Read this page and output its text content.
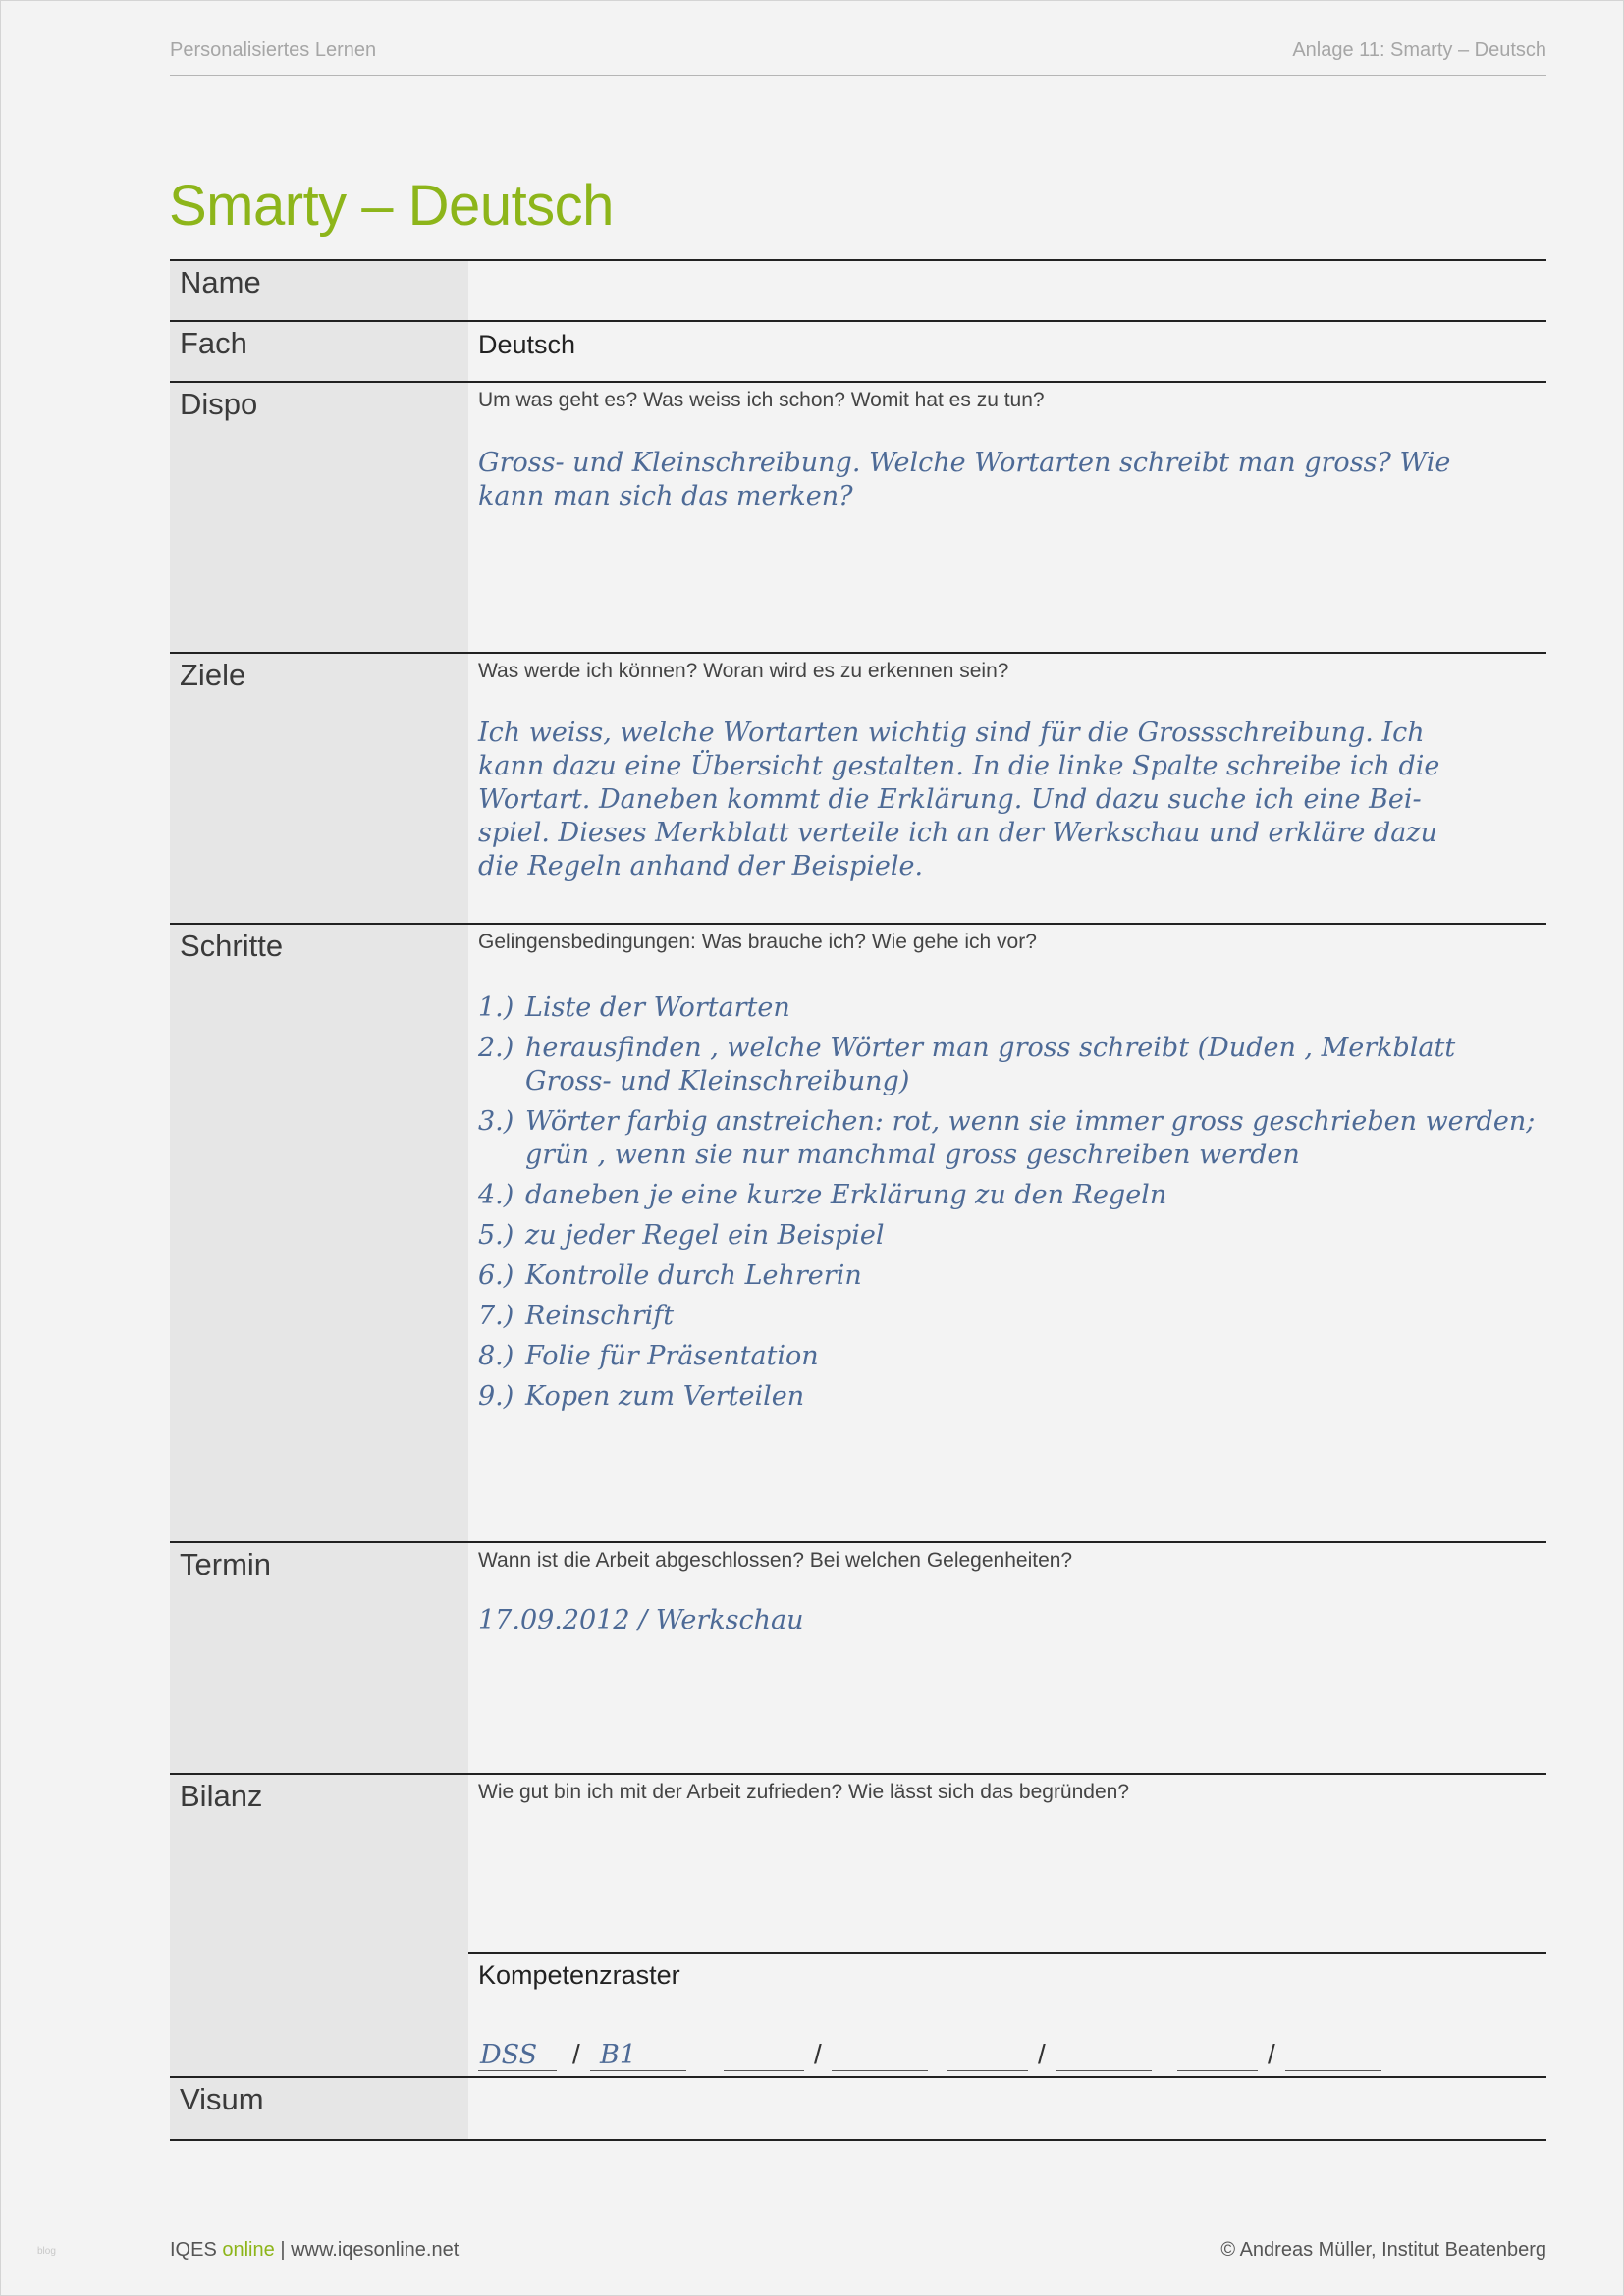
Personalisiertes Lernen	Anlage 11: Smarty – Deutsch
Smarty – Deutsch
Name
Fach	Deutsch
Dispo	Um was geht es? Was weiss ich schon? Womit hat es zu tun?
Gross- und Kleinschreibung. Welche Wortarten schreibt man gross? Wie
kann man sich das merken?
Ziele	Was werde ich können? Woran wird es zu erkennen sein?
Ich weiss, welche Wortarten wichtig sind für die Grossschreibung. Ich
kann dazu eine Übersicht gestalten. In die linke Spalte schreibe ich die
Wortart. Daneben kommt die Erklärung. Und dazu suche ich eine Bei-
spiel. Dieses Merkblatt verteile ich an der Werkschau und erkläre dazu
die Regeln anhand der Beispiele.
Schritte	Gelingensbedingungen: Was brauche ich? Wie gehe ich vor?
1.) Liste der Wortarten
2.) herausfinden , welche Wörter man gross schreibt (Duden , Merkblatt Gross- und Kleinschreibung)
3.) Wörter farbig anstreichen: rot, wenn sie immer gross geschrieben werden; grün , wenn sie nur manchmal gross geschreiben werden
4.) daneben je eine kurze Erklärung zu den Regeln
5.) zu jeder Regel ein Beispiel
6.) Kontrolle durch Lehrerin
7.) Reinschrift
8.) Folie für Präsentation
9.) Kopen zum Verteilen
Termin	Wann ist die Arbeit abgeschlossen? Bei welchen Gelegenheiten?
17.09.2012 / Werkschau
Bilanz	Wie gut bin ich mit der Arbeit zufrieden? Wie lässt sich das begründen?
Kompetenzraster
DSS / B1	/	/	/
Visum
blog	IQES online | www.iqesonline.net	© Andreas Müller, Institut Beatenberg
